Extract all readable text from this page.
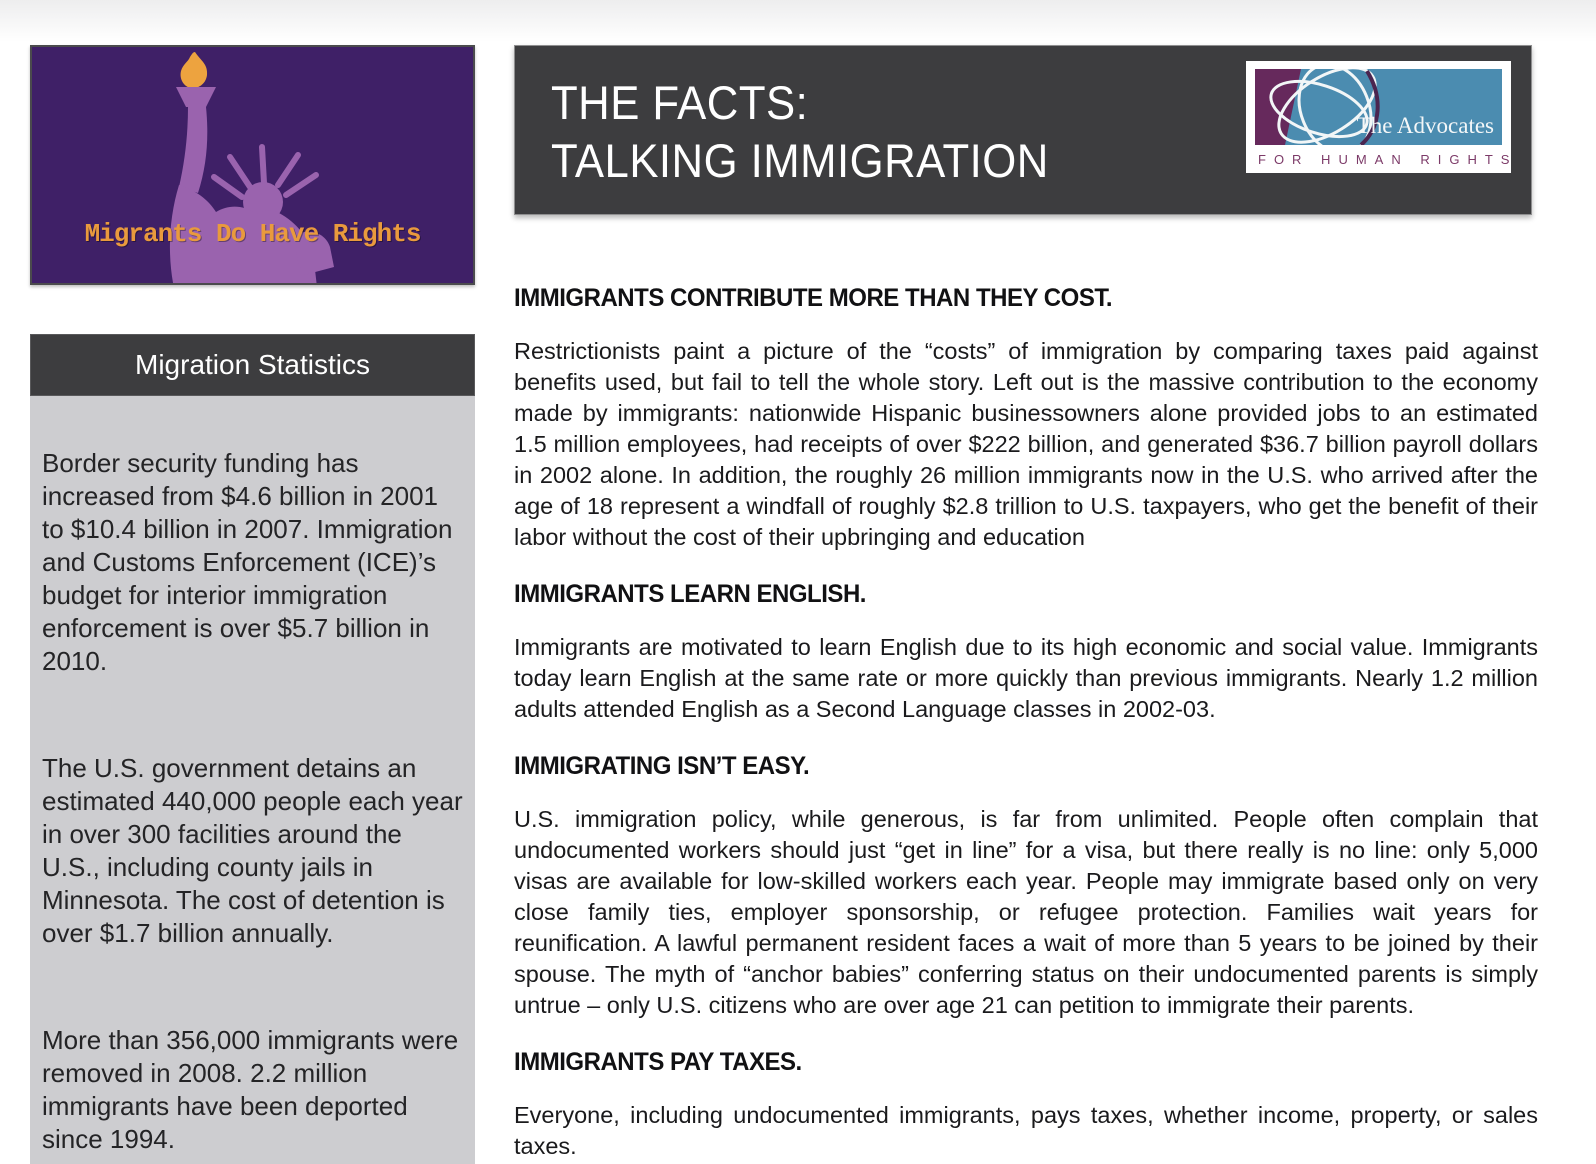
Migrants Do Have Rights
Migration Statistics

Border security funding has increased from $4.6 billion in 2001 to $10.4 billion in 2007. Immigration and Customs Enforcement (ICE)’s budget for interior immigration enforcement is over $5.7 billion in 2010.

The U.S. government detains an estimated 440,000 people each year in over 300 facilities around the U.S., including county jails in Minnesota. The cost of detention is over $1.7 billion annually.

More than 356,000 immigrants were removed in 2008. 2.2 million immigrants have been deported since 1994.

THE FACTS:
TALKING IMMIGRATION
The Advocates
FOR HUMAN RIGHTS
IMMIGRANTS CONTRIBUTE MORE THAN THEY COST.

Restrictionists paint a picture of the “costs” of immigration by comparing taxes paid against benefits used, but fail to tell the whole story. Left out is the massive contribution to the economy made by immigrants: nationwide Hispanic businessowners alone provided jobs to an estimated 1.5 million employees, had receipts of over $222 billion, and generated $36.7 billion payroll dollars in 2002 alone. In addition, the roughly 26 million immigrants now in the U.S. who arrived after the age of 18 represent a windfall of roughly $2.8 trillion to U.S. taxpayers, who get the benefit of their labor without the cost of their upbringing and education

IMMIGRANTS LEARN ENGLISH.

Immigrants are motivated to learn English due to its high economic and social value. Immigrants today learn English at the same rate or more quickly than previous immigrants. Nearly 1.2 million adults attended English as a Second Language classes in 2002-03.

IMMIGRATING ISN’T EASY.

U.S. immigration policy, while generous, is far from unlimited. People often complain that undocumented workers should just “get in line” for a visa, but there really is no line: only 5,000 visas are available for low-skilled workers each year. People may immigrate based only on very close family ties, employer sponsorship, or refugee protection. Families wait years for reunification. A lawful permanent resident faces a wait of more than 5 years to be joined by their spouse. The myth of “anchor babies” conferring status on their undocumented parents is simply untrue – only U.S. citizens who are over age 21 can petition to immigrate their parents.

IMMIGRANTS PAY TAXES.

Everyone, including undocumented immigrants, pays taxes, whether income, property, or sales taxes.
